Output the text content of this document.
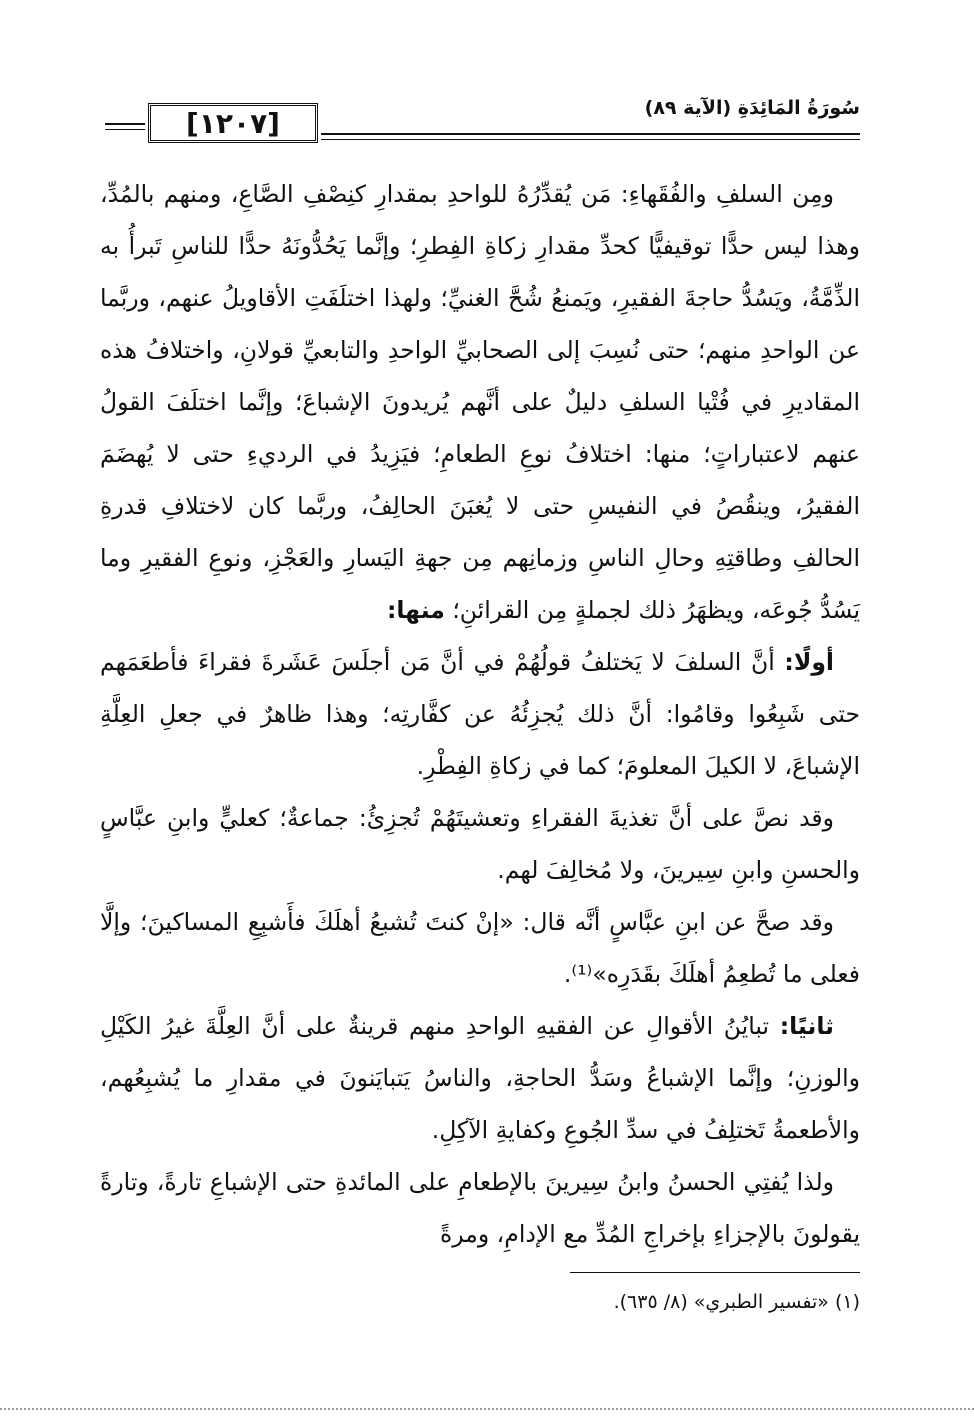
[١٢٠٧]	سُورَةُ المَائِدَةِ (الآية ٨٩)

ومِن السلفِ والفُقَهاءِ: مَن يُقدِّرُهُ للواحدِ بمقدارِ كنِصْفِ الصَّاعِ، ومنهم بالمُدِّ، وهذا ليس حدًّا توقيفيًّا كحدِّ مقدارِ زكاةِ الفِطرِ؛ وإنَّما يَحُدُّونَهُ حدًّا للناسِ تَبرأُ به الذِّمَّةُ، ويَسُدُّ حاجةَ الفقيرِ، ويَمنعُ شُحَّ الغنيِّ؛ ولهذا اختلَفَتِ الأقاويلُ عنهم، وربَّما عن الواحدِ منهم؛ حتى نُسِبَ إلى الصحابيِّ الواحدِ والتابعيِّ قولانِ، واختلافُ هذه المقاديرِ في فُتْيا السلفِ دليلٌ على أنَّهم يُريدونَ الإشباعَ؛ وإنَّما اختلَفَ القولُ عنهم لاعتباراتٍ؛ منها: اختلافُ نوعِ الطعامِ؛ فيَزِيدُ في الرديءِ حتى لا يُهضَمَ الفقيرُ، وينقُصُ في النفيسِ حتى لا يُغبَنَ الحالِفُ، وربَّما كان لاختلافِ قدرةِ الحالفِ وطاقتِهِ وحالِ الناسِ وزمانِهم مِن جهةِ اليَسارِ والعَجْزِ، ونوعِ الفقيرِ وما يَسُدُّ جُوعَه، ويظهَرُ ذلك لجملةٍ مِن القرائنِ؛ منها:

أولًا: أنَّ السلفَ لا يَختلفُ قولُهُمْ في أنَّ مَن أجلَسَ عَشَرةَ فقراءَ فأطعَمَهم حتى شَبِعُوا وقامُوا: أنَّ ذلك يُجزِئُهُ عن كفَّارتِه؛ وهذا ظاهرٌ في جعلِ العِلَّةِ الإشباعَ، لا الكيلَ المعلومَ؛ كما في زكاةِ الفِطْرِ.

وقد نصَّ على أنَّ تغذيةَ الفقراءِ وتعشيتَهُمْ تُجزِئُ: جماعةٌ؛ كعليٍّ وابنِ عبَّاسٍ والحسنِ وابنِ سِيرينَ، ولا مُخالِفَ لهم.

وقد صحَّ عن ابنِ عبَّاسٍ أنَّه قال: «إنْ كنتَ تُشبعُ أهلَكَ فأَشبِعِ المساكينَ؛ وإلَّا فعلى ما تُطعِمُ أهلَكَ بقَدَرِه»⁽¹⁾.

ثانيًا: تبايُنُ الأقوالِ عن الفقيهِ الواحدِ منهم قرينةٌ على أنَّ العِلَّةَ غيرُ الكَيْلِ والوزنِ؛ وإنَّما الإشباعُ وسَدُّ الحاجةِ، والناسُ يَتبايَنونَ في مقدارِ ما يُشبِعُهم، والأطعمةُ تَختلِفُ في سدِّ الجُوعِ وكفايةِ الآكِلِ.

ولذا يُفتِي الحسنُ وابنُ سِيرينَ بالإطعامِ على المائدةِ حتى الإشباعِ تارةً، وتارةً يقولونَ بالإجزاءِ بإخراجِ المُدِّ مع الإدامِ، ومرةً

(١) «تفسير الطبري» (٨/ ٦٣٥).
